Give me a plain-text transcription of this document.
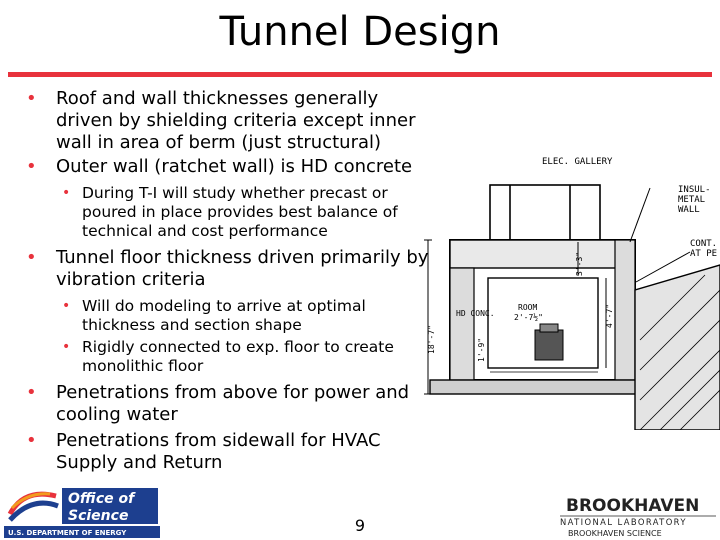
Tunnel Design
• Roof and wall thicknesses generally driven by shielding criteria except inner wall in area of berm (just structural)
• Outer wall (ratchet wall) is HD concrete
• During T-I will study whether precast or poured in place provides best balance of technical and cost performance
• Tunnel floor thickness driven primarily by vibration criteria
• Will do modeling to arrive at optimal thickness and section shape
• Rigidly connected to exp. floor to create monolithic floor
• Penetrations from above for power and cooling water
• Penetrations from sidewall for HVAC Supply and Return
ELEC. GALLERY
INSUL-
METAL
WALL
CONT.
AT PE
HD CONC.
ROOM
2'-7½"
18'-7"
4'-7"
3'-3"
1'-9"
Office of
Science
U.S. DEPARTMENT OF ENERGY	9
BROOKHAVEN
NATIONAL LABORATORY
BROOKHAVEN SCIENCE
